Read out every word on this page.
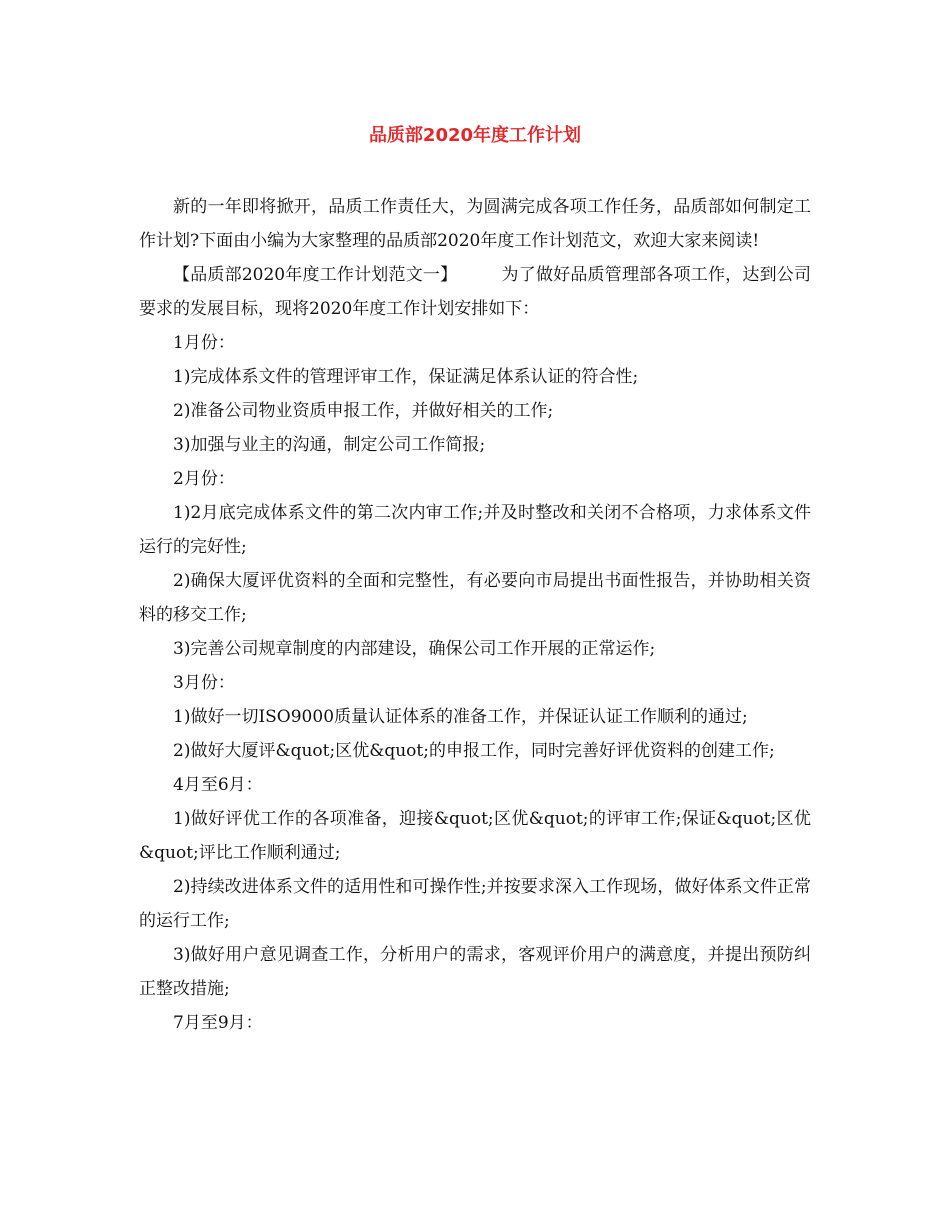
品质部2020年度工作计划

新的一年即将掀开，品质工作责任大，为圆满完成各项工作任务，品质部如何制定工作计划?下面由小编为大家整理的品质部2020年度工作计划范文，欢迎大家来阅读!

【品质部2020年度工作计划范文一】	为了做好品质管理部各项工作，达到公司要求的发展目标，现将2020年度工作计划安排如下：

1月份：

1)完成体系文件的管理评审工作，保证满足体系认证的符合性;

2)准备公司物业资质申报工作，并做好相关的工作;

3)加强与业主的沟通，制定公司工作简报;

2月份：

1)2月底完成体系文件的第二次内审工作;并及时整改和关闭不合格项，力求体系文件运行的完好性;

2)确保大厦评优资料的全面和完整性，有必要向市局提出书面性报告，并协助相关资料的移交工作;

3)完善公司规章制度的内部建设，确保公司工作开展的正常运作;

3月份：

1)做好一切ISO9000质量认证体系的准备工作，并保证认证工作顺利的通过;

2)做好大厦评&quot;区优&quot;的申报工作，同时完善好评优资料的创建工作;

4月至6月：

1)做好评优工作的各项准备，迎接&quot;区优&quot;的评审工作;保证&quot;区优&quot;评比工作顺利通过;

2)持续改进体系文件的适用性和可操作性;并按要求深入工作现场，做好体系文件正常的运行工作;

3)做好用户意见调查工作，分析用户的需求，客观评价用户的满意度，并提出预防纠正整改措施;

7月至9月：
